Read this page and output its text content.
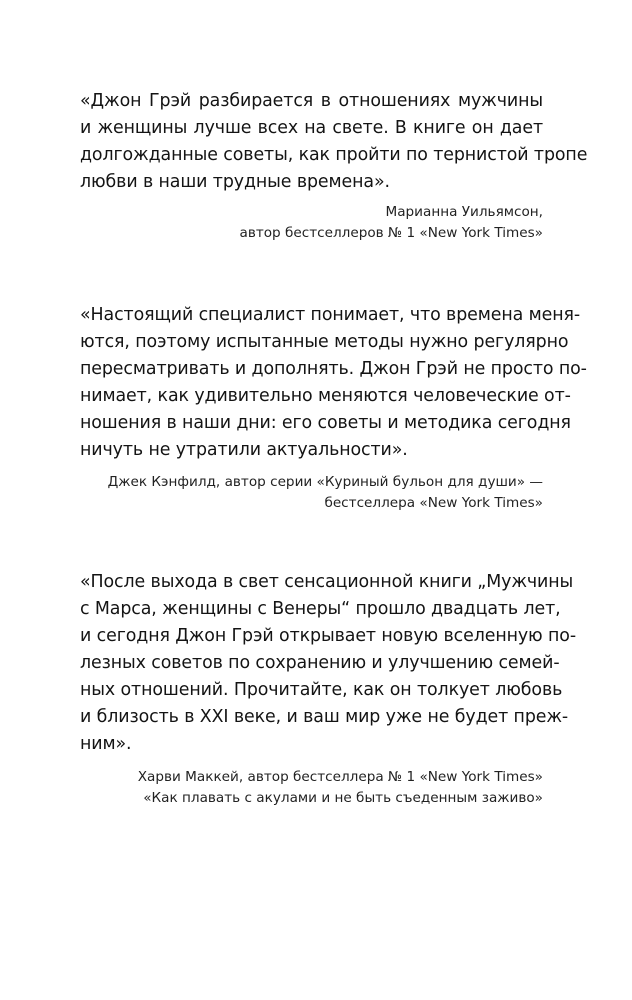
«Джон Грэй разбирается в отношениях мужчины
и женщины лучше всех на свете. В книге он дает
долгожданные советы, как пройти по тернистой тропе
любви в наши трудные времена».

Марианна Уильямсон,
автор бестселлеров № 1 «New York Times»

«Настоящий специалист понимает, что времена меня-
ются, поэтому испытанные методы нужно регулярно
пересматривать и дополнять. Джон Грэй не просто по-
нимает, как удивительно меняются человеческие от-
ношения в наши дни: его советы и методика сегодня
ничуть не утратили актуальности».

Джек Кэнфилд, автор серии «Куриный бульон для души» —
бестселлера «New York Times»

«После выхода в свет сенсационной книги „Мужчины
с Марса, женщины с Венеры“ прошло двадцать лет,
и сегодня Джон Грэй открывает новую вселенную по-
лезных советов по сохранению и улучшению семей-
ных отношений. Прочитайте, как он толкует любовь
и близость в XXI веке, и ваш мир уже не будет преж-
ним».

Харви Маккей, автор бестселлера № 1 «New York Times»
«Как плавать с акулами и не быть съеденным заживо»
